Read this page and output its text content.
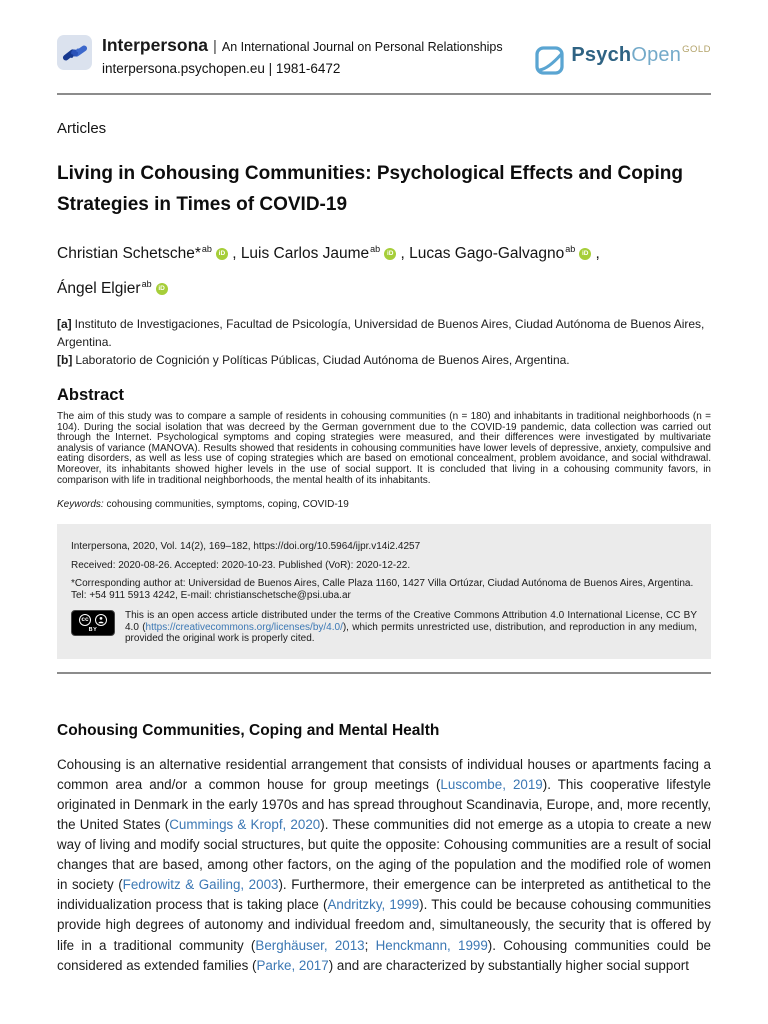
Interpersona | An International Journal on Personal Relationships
interpersona.psychopen.eu | 1981-6472
PsychOpen$^{GOLD}$
Articles
Living in Cohousing Communities: Psychological Effects and Coping Strategies in Times of COVID-19
Christian Schetsche*$^{ab}$ iD , Luis Carlos Jaume$^{ab}$ iD , Lucas Gago-Galvagno$^{ab}$ iD ,
Ángel Elgier$^{ab}$ iD
[a] Instituto de Investigaciones, Facultad de Psicología, Universidad de Buenos Aires, Ciudad Autónoma de Buenos Aires, Argentina.
[b] Laboratorio de Cognición y Políticas Públicas, Ciudad Autónoma de Buenos Aires, Argentina.
Abstract

The aim of this study was to compare a sample of residents in cohousing communities (n = 180) and inhabitants in traditional neighborhoods (n = 104). During the social isolation that was decreed by the German government due to the COVID-19 pandemic, data collection was carried out through the Internet. Psychological symptoms and coping strategies were measured, and their differences were investigated by multivariate analysis of variance (MANOVA). Results showed that residents in cohousing communities have lower levels of depressive, anxiety, compulsive and eating disorders, as well as less use of coping strategies which are based on emotional concealment, problem avoidance, and social withdrawal. Moreover, its inhabitants showed higher levels in the use of social support. It is concluded that living in a cohousing community favors, in comparison with life in traditional neighborhoods, the mental health of its inhabitants.

Keywords: cohousing communities, symptoms, coping, COVID-19

Interpersona, 2020, Vol. 14(2), 169–182, https://doi.org/10.5964/ijpr.v14i2.4257

Received: 2020-08-26. Accepted: 2020-10-23. Published (VoR): 2020-12-22.

*Corresponding author at: Universidad de Buenos Aires, Calle Plaza 1160, 1427 Villa Ortúzar, Ciudad Autónoma de Buenos Aires, Argentina. Tel: +54 911 5913 4242, E-mail: christianschetsche@psi.uba.ar

cc
BY

This is an open access article distributed under the terms of the Creative Commons Attribution 4.0 International License, CC BY 4.0 (https://creativecommons.org/licenses/by/4.0/), which permits unrestricted use, distribution, and reproduction in any medium, provided the original work is properly cited.

Cohousing Communities, Coping and Mental Health

Cohousing is an alternative residential arrangement that consists of individual houses or apartments facing a common area and/or a common house for group meetings (Luscombe, 2019). This cooperative lifestyle originated in Denmark in the early 1970s and has spread throughout Scandinavia, Europe, and, more recently, the United States (Cummings & Kropf, 2020). These communities did not emerge as a utopia to create a new way of living and modify social structures, but quite the opposite: Cohousing communities are a result of social changes that are based, among other factors, on the aging of the population and the modified role of women in society (Fedrowitz & Gailing, 2003). Furthermore, their emergence can be interpreted as antithetical to the individualization process that is taking place (Andritzky, 1999). This could be because cohousing communities provide high degrees of autonomy and individual freedom and, simultaneously, the security that is offered by life in a traditional community (Berghäuser, 2013; Henckmann, 1999). Cohousing communities could be considered as extended families (Parke, 2017) and are characterized by substantially higher social support
